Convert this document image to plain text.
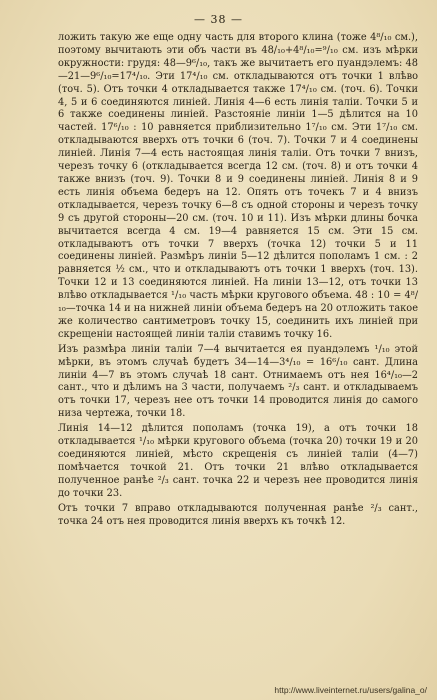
— 38 —

ложить такую же еще одну часть для второго клина (тоже 4⁸/₁₀ см.), поэтому вычитають эти объ части въ 48/₁₀+4⁸/₁₀=⁹/₁₀ см. изъ мѣрки окружности: грудя: 48—9⁶/₁₀, такъ же вычитаетъ его пуандэлемъ: 48—21—9⁶/₁₀=17⁴/₁₀. Эти 17⁴/₁₀ см. откладываются отъ точки 1 влѣво (точ. 5). Отъ точки 4 откладывается также 17⁴/₁₀ см. (точ. 6). Точки 4, 5 и 6 соединяются линіей. Линія 4—6 есть линія таліи. Точки 5 и 6 также соединены линіей. Разстояніе линіи 1—5 дѣлится на 10 частей. 17⁶/₁₀ : 10 равняется приблизительно 1⁷/₁₀ см. Эти 1⁷/₁₀ см. откладываются вверхъ отъ точки 6 (точ. 7). Точки 7 и 4 соединены линіей. Линія 7—4 есть настоящая линія таліи. Отъ точки 7 внизъ, черезъ точку 6 (откладывается всегда 12 см. (точ. 8) и отъ точки 4 также внизъ (точ. 9). Точки 8 и 9 соединены линіей. Линія 8 и 9 есть линія объема бедеръ на 12. Опять отъ точекъ 7 и 4 внизъ откладывается, черезъ точку 6—8 съ одной стороны и черезъ точку 9 съ другой стороны—20 см. (точ. 10 и 11). Изъ мѣрки длины бочка вычитается всегда 4 см. 19—4 равняется 15 см. Эти 15 см. откладываютъ отъ точки 7 вверхъ (точка 12) точки 5 и 11 соединены линіей. Размѣръ линіи 5—12 дѣлится пополамъ 1 см. : 2 равняется ½ см., что и откладываютъ отъ точки 1 вверхъ (точ. 13). Точки 12 и 13 соединяются линіей. На линіи 13—12, отъ точки 13 влѣво откладывается ¹/₁₀ часть мѣрки кругового объема. 48 : 10 = 4⁸/₁₀—точка 14 и на нижней линіи объема бедеръ на 20 отложить такое же количество сантиметровъ точку 15, соединить ихъ линіей при скрещеніи настоящей линіи таліи ставимъ точку 16.

Изъ размѣра линіи таліи 7—4 вычитается ея пуандэлемъ ¹/₁₀ этой мѣрки, въ этомъ случаѣ будетъ 34—14—3⁴/₁₀ = 16⁶/₁₀ сант. Длина линіи 4—7 въ этомъ случаѣ 18 сант. Отнимаемъ отъ нея 16⁴/₁₀—2 сант., что и дѣлимъ на 3 части, получаемъ ²/₃ сант. и откладываемъ отъ точки 17, черезъ нее отъ точки 14 проводится линія до самого низа чертежа, точки 18.

Линія 14—12 дѣлится пополамъ (точка 19), а отъ точки 18 откладывается ¹/₁₀ мѣрки кругового объема (точка 20) точки 19 и 20 соединяются линіей, мѣсто скрещенія съ линіей таліи (4—7) помѣчается точкой 21. Отъ точки 21 влѣво откладывается полученное ранѣе ²/₃ сант. точка 22 и черезъ нее проводится линія до точки 23.

Отъ точки 7 вправо откладываются полученная ранѣе ²/₃ сант., точка 24 отъ нея проводится линія вверхъ къ точкѣ 12.

http://www.liveinternet.ru/users/galina_o/
